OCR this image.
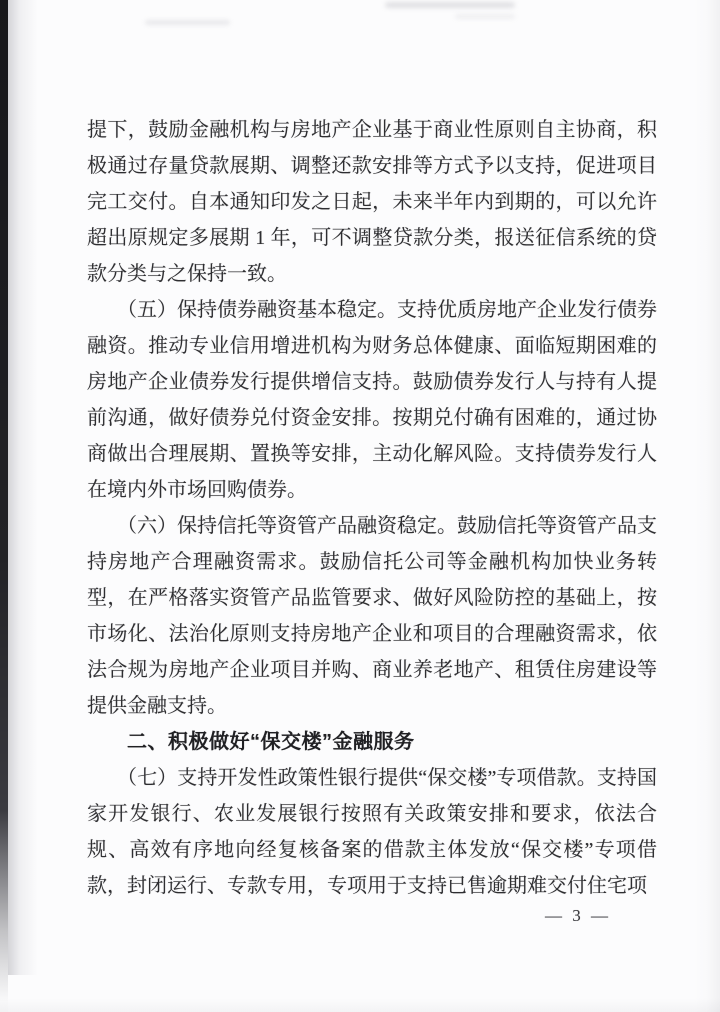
提下，鼓励金融机构与房地产企业基于商业性原则自主协商，积极通过存量贷款展期、调整还款安排等方式予以支持，促进项目完工交付。自本通知印发之日起，未来半年内到期的，可以允许超出原规定多展期 1 年，可不调整贷款分类，报送征信系统的贷款分类与之保持一致。

（五）保持债券融资基本稳定。支持优质房地产企业发行债券融资。推动专业信用增进机构为财务总体健康、面临短期困难的房地产企业债券发行提供增信支持。鼓励债券发行人与持有人提前沟通，做好债券兑付资金安排。按期兑付确有困难的，通过协商做出合理展期、置换等安排，主动化解风险。支持债券发行人在境内外市场回购债券。

（六）保持信托等资管产品融资稳定。鼓励信托等资管产品支持房地产合理融资需求。鼓励信托公司等金融机构加快业务转型，在严格落实资管产品监管要求、做好风险防控的基础上，按市场化、法治化原则支持房地产企业和项目的合理融资需求，依法合规为房地产企业项目并购、商业养老地产、租赁住房建设等提供金融支持。

二、积极做好“保交楼”金融服务

（七）支持开发性政策性银行提供“保交楼”专项借款。支持国家开发银行、农业发展银行按照有关政策安排和要求，依法合规、高效有序地向经复核备案的借款主体发放“保交楼”专项借款，封闭运行、专款专用，专项用于支持已售逾期难交付住宅项

— 3 —
